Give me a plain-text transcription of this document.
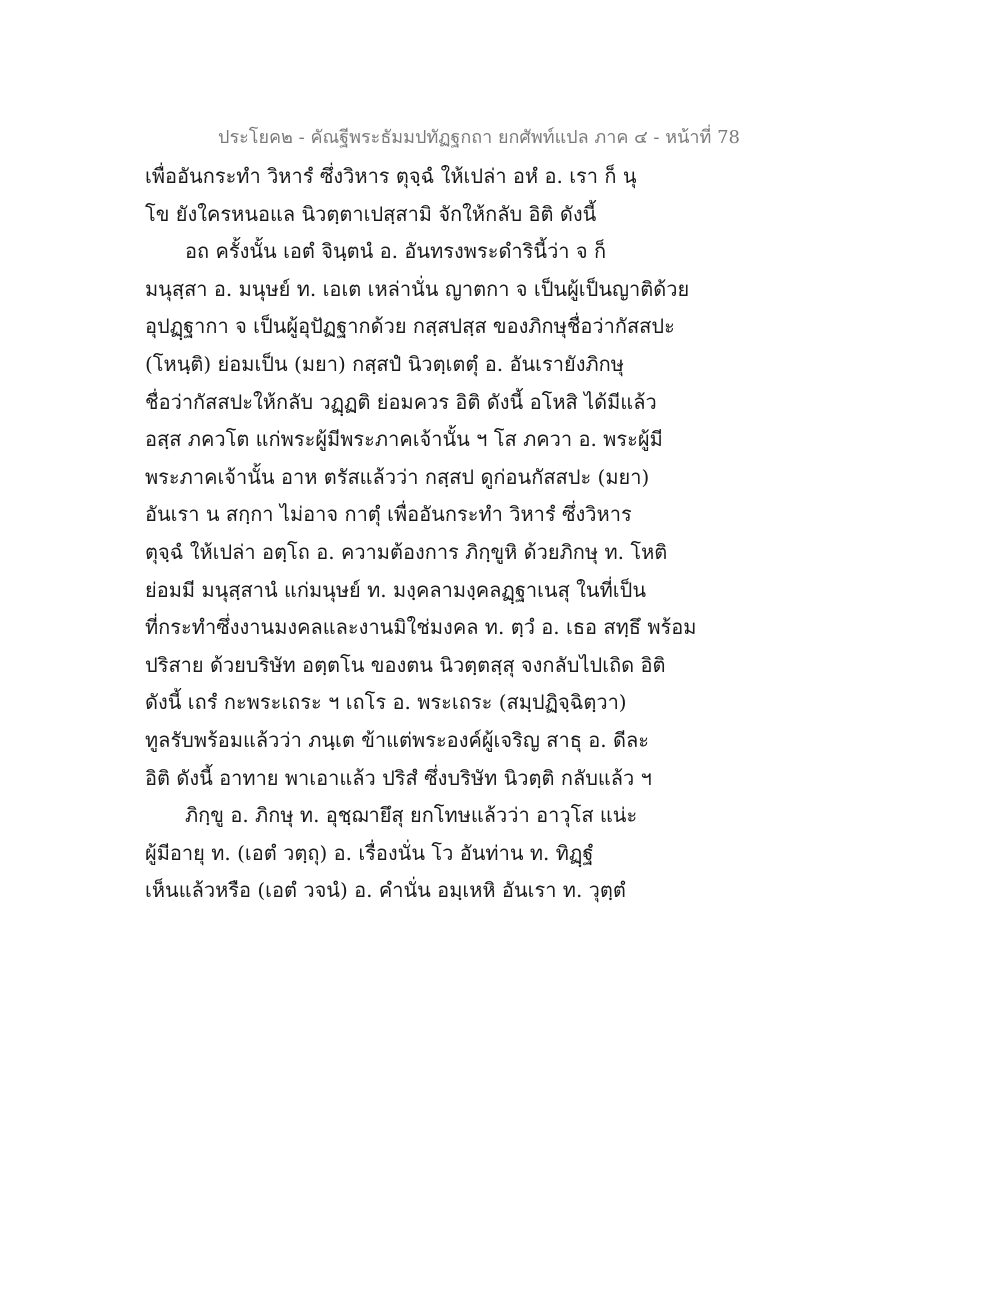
ประโยค๒ - คัณฐีพระธัมมปทัฏฐกถา ยกศัพท์แปล ภาค ๔ - หน้าที่ 78
เพื่ออันกระทำ วิหารํ ซึ่งวิหาร ตุจฺฉํ ให้เปล่า อหํ อ. เรา ก็ นุ
โข ยังใครหนอแล นิวตฺตาเปสฺสามิ จักให้กลับ อิติ ดังนี้
อถ ครั้งนั้น เอตํ จินฺตนํ อ. อันทรงพระดำรินี้ว่า จ ก็
มนุสฺสา อ. มนุษย์ ท. เอเต เหล่านั่น ญาตกา จ เป็นผู้เป็นญาติด้วย
อุปฏฺฐากา จ เป็นผู้อุปัฏฐากด้วย กสฺสปสฺส ของภิกษุชื่อว่ากัสสปะ
(โหนฺติ) ย่อมเป็น (มยา) กสฺสปํ นิวตฺเตตุํ อ. อันเรายังภิกษุ
ชื่อว่ากัสสปะให้กลับ วฏฺฏติ ย่อมควร อิติ ดังนี้ อโหสิ ได้มีแล้ว
อสฺส ภควโต แก่พระผู้มีพระภาคเจ้านั้น ฯ โส ภควา อ. พระผู้มี
พระภาคเจ้านั้น อาห ตรัสแล้วว่า กสฺสป ดูก่อนกัสสปะ (มยา)
อันเรา น สกฺกา ไม่อาจ กาตุํ เพื่ออันกระทำ วิหารํ ซึ่งวิหาร
ตุจฺฉํ ให้เปล่า อตฺโถ อ. ความต้องการ ภิกฺขูหิ ด้วยภิกษุ ท. โหติ
ย่อมมี มนุสฺสานํ แก่มนุษย์ ท. มงฺคลามงฺคลฏฺฐาเนสุ ในที่เป็น
ที่กระทำซึ่งงานมงคลและงานมิใช่มงคล ท. ตฺวํ อ. เธอ สทฺธึ พร้อม
ปริสาย ด้วยบริษัท อตฺตโน ของตน นิวตฺตสฺสุ จงกลับไปเถิด อิติ
ดังนี้ เถรํ กะพระเถระ ฯ เถโร อ. พระเถระ (สมฺปฏิจฺฉิตฺวา)
ทูลรับพร้อมแล้วว่า ภนฺเต ข้าแต่พระองค์ผู้เจริญ สาธุ อ. ดีละ
อิติ ดังนี้ อาทาย พาเอาแล้ว ปริสํ ซึ่งบริษัท นิวตฺติ กลับแล้ว ฯ
ภิกฺขู อ. ภิกษุ ท. อุชฺฌายึสุ ยกโทษแล้วว่า อาวุโส แน่ะ
ผู้มีอายุ ท. (เอตํ วตฺถุ) อ. เรื่องนั่น โว อันท่าน ท. ทิฏฺฐํ
เห็นแล้วหรือ (เอตํ วจนํ) อ. คำนั่น อมฺเหหิ อันเรา ท. วุตฺตํ
